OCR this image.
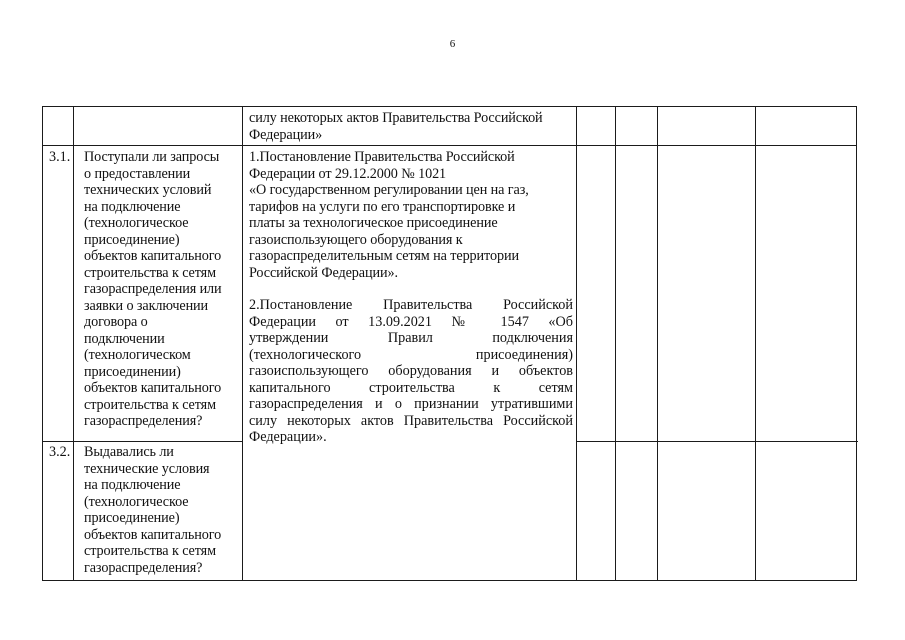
6
силу некоторых актов Правительства Российской
Федерации»
3.1. Поступали ли запросы
о предоставлении
технических условий
на подключение
(технологическое
присоединение)
объектов капитального
строительства к сетям
газораспределения или
заявки о заключении
договора о
подключении
(технологическом
присоединении)
объектов капитального
строительства к сетям
газораспределения?
3.2. Выдавались ли
технические условия
на подключение
(технологическое
присоединение)
объектов капитального
строительства к сетям
газораспределения?
1.Постановление Правительства Российской
Федерации от 29.12.2000 № 1021
«О государственном регулировании цен на газ,
тарифов на услуги по его транспортировке и
платы за технологическое присоединение
газоиспользующего оборудования к
газораспределительным сетям на территории
Российской Федерации».
2.Постановление Правительства Российской
Федерации от 13.09.2021 № 1547 «Об
утверждении Правил подключения
(технологического присоединения)
газоиспользующего оборудования и объектов
капитального строительства к сетям
газораспределения и о признании утратившими
силу некоторых актов Правительства Российской
Федерации».
